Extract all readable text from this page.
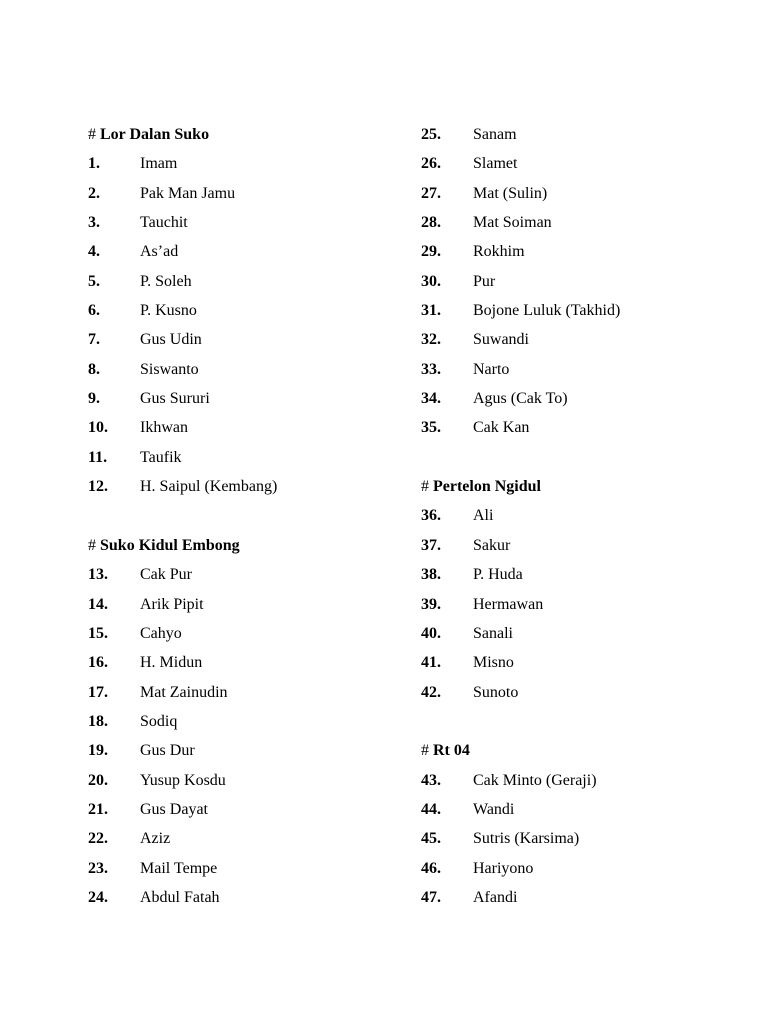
# Lor Dalan Suko
1.	Imam
2.	Pak Man Jamu
3.	Tauchit
4.	As’ad
5.	P. Soleh
6.	P. Kusno
7.	Gus Udin
8.	Siswanto
9.	Gus Sururi
10. Ikhwan
11. Taufik
12. H. Saipul (Kembang)
# Suko Kidul Embong
13. Cak Pur
14. Arik Pipit
15. Cahyo
16. H. Midun
17. Mat Zainudin
18. Sodiq
19. Gus Dur
20. Yusup Kosdu
21. Gus Dayat
22. Aziz
23. Mail Tempe
24. Abdul Fatah
25. Sanam
26. Slamet
27. Mat (Sulin)
28. Mat Soiman
29. Rokhim
30. Pur
31. Bojone Luluk (Takhid)
32. Suwandi
33. Narto
34. Agus (Cak To)
35. Cak Kan
# Pertelon Ngidul
36. Ali
37. Sakur
38. P. Huda
39. Hermawan
40. Sanali
41. Misno
42. Sunoto
# Rt 04
43. Cak Minto (Geraji)
44. Wandi
45. Sutris (Karsima)
46. Hariyono
47. Afandi
